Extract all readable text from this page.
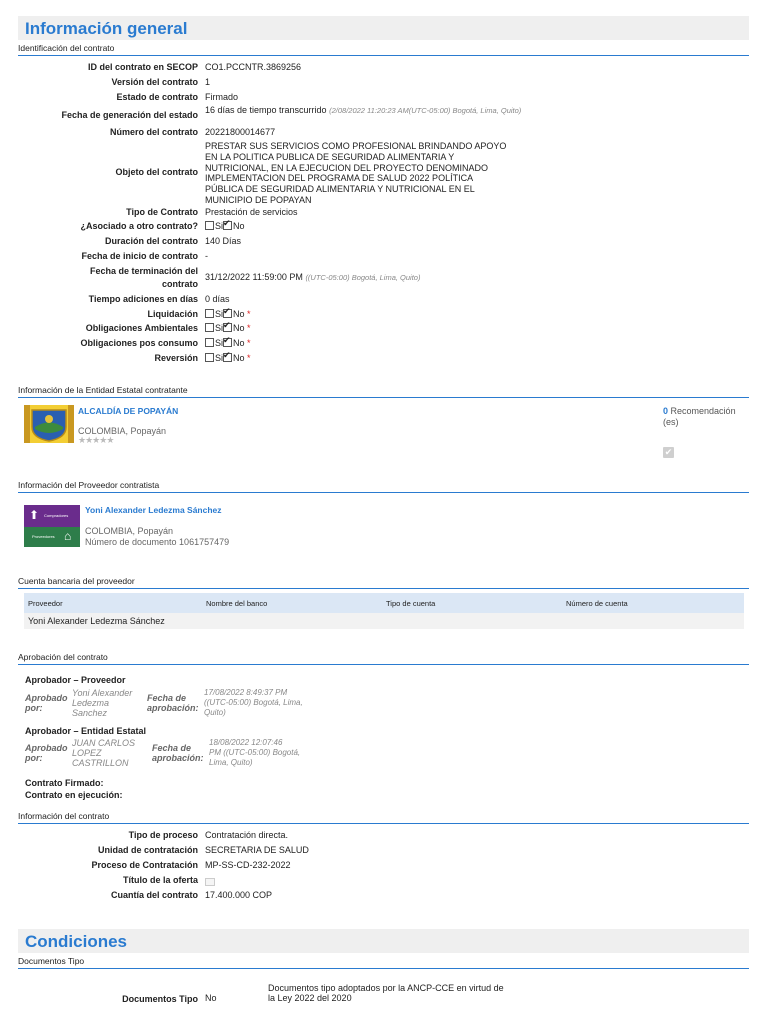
Información general
Identificación del contrato
ID del contrato en SECOP CO1.PCCNTR.3869256
Versión del contrato 1
Estado de contrato Firmado
Fecha de generación del estado 16 días de tiempo transcurrido (2/08/2022 11:20:23 AM(UTC-05:00) Bogotá, Lima, Quito)
Número del contrato 20221800014677
Objeto del contrato
PRESTAR SUS SERVICIOS COMO PROFESIONAL BRINDANDO APOYO
EN LA POLITICA PUBLICA DE SEGURIDAD ALIMENTARIA Y
NUTRICIONAL, EN LA EJECUCION DEL PROYECTO DENOMINADO
IMPLEMENTACION DEL PROGRAMA DE SALUD 2022 POLÍTICA
PÚBLICA DE SEGURIDAD ALIMENTARIA Y NUTRICIONAL EN EL
MUNICIPIO DE POPAYAN
Tipo de Contrato Prestación de servicios
¿Asociado a otro contrato?	Si ✔ No
Duración del contrato 140 Días
Fecha de inicio de contrato -
Fecha de terminación del
contrato
31/12/2022 11:59:00 PM ((UTC-05:00) Bogotá, Lima, Quito)
Tiempo adiciones en días 0 días
Liquidación	Si ✔ No *
Obligaciones Ambientales	Si ✔ No *
Obligaciones pos consumo	Si ✔ No *
Reversión	Si ✔ No *
Información de la Entidad Estatal contratante
ALCALDÍA DE POPAYÁN
COLOMBIA, Popayán
★★★★★
0 Recomendación
(es)
✔
Información del Proveedor contratista
⬆ Compradores
Proveedores ⌂
Yoni Alexander Ledezma Sánchez
COLOMBIA, Popayán
Número de documento 1061757479
Cuenta bancaria del proveedor
Proveedor	Nombre del banco	Tipo de cuenta	Número de cuenta
Yoni Alexander Ledezma Sánchez
Aprobación del contrato
Aprobador – Proveedor
Aprobado
por:
Yoni Alexander
Ledezma
Sanchez
Fecha de
aprobación:
17/08/2022 8:49:37 PM
((UTC-05:00) Bogotá, Lima,
Quito)
Aprobador – Entidad Estatal
Aprobado
por:
JUAN CARLOS
LOPEZ
CASTRILLON
Fecha de
aprobación:
18/08/2022 12:07:46
PM ((UTC-05:00) Bogotá,
Lima, Quito)
Contrato Firmado:
Contrato en ejecución:
Información del contrato
Tipo de proceso Contratación directa.
Unidad de contratación SECRETARIA DE SALUD
Proceso de Contratación MP-SS-CD-232-2022
Título de la oferta
Cuantía del contrato 17.400.000 COP
Condiciones
Documentos Tipo
Documentos Tipo No
Documentos tipo adoptados por la ANCP-CCE en virtud de
la Ley 2022 del 2020
